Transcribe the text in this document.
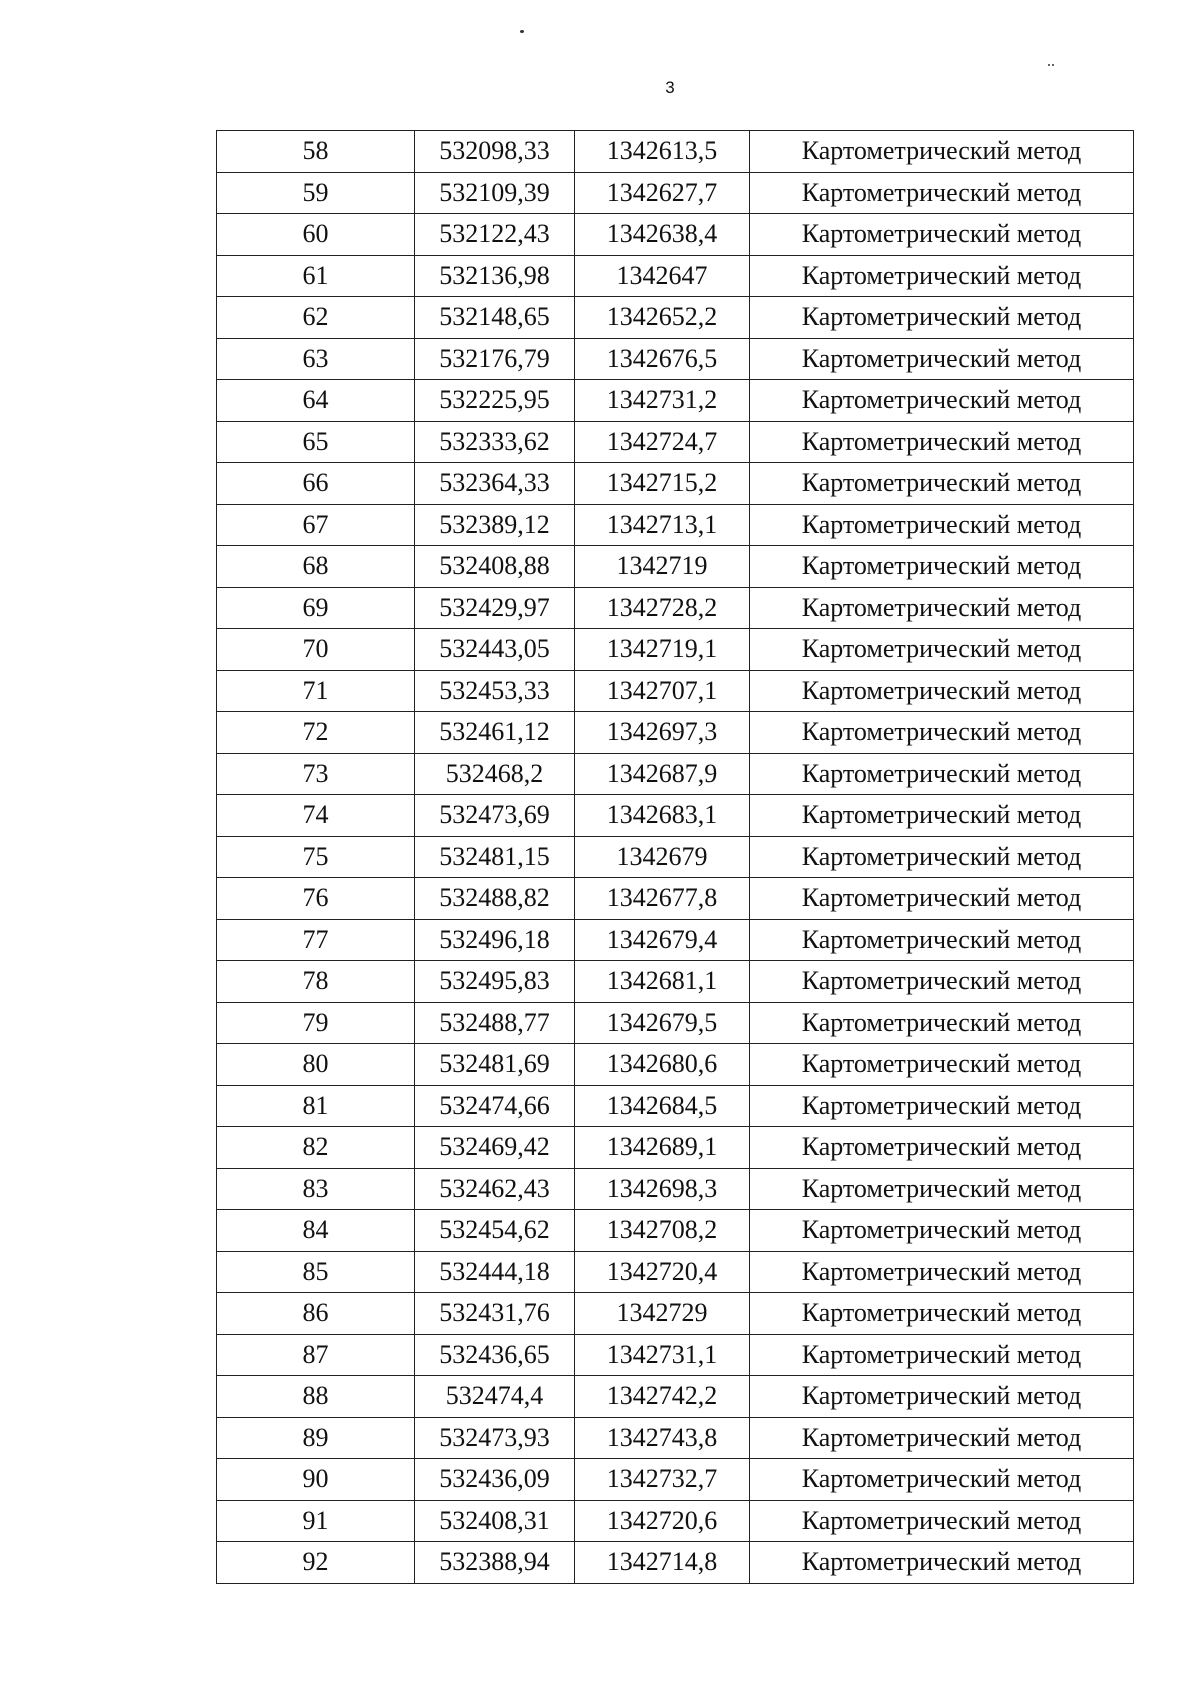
3
58	532098,33	1342613,5	Картометрический метод
59	532109,39	1342627,7	Картометрический метод
60	532122,43	1342638,4	Картометрический метод
61	532136,98	1342647	Картометрический метод
62	532148,65	1342652,2	Картометрический метод
63	532176,79	1342676,5	Картометрический метод
64	532225,95	1342731,2	Картометрический метод
65	532333,62	1342724,7	Картометрический метод
66	532364,33	1342715,2	Картометрический метод
67	532389,12	1342713,1	Картометрический метод
68	532408,88	1342719	Картометрический метод
69	532429,97	1342728,2	Картометрический метод
70	532443,05	1342719,1	Картометрический метод
71	532453,33	1342707,1	Картометрический метод
72	532461,12	1342697,3	Картометрический метод
73	532468,2	1342687,9	Картометрический метод
74	532473,69	1342683,1	Картометрический метод
75	532481,15	1342679	Картометрический метод
76	532488,82	1342677,8	Картометрический метод
77	532496,18	1342679,4	Картометрический метод
78	532495,83	1342681,1	Картометрический метод
79	532488,77	1342679,5	Картометрический метод
80	532481,69	1342680,6	Картометрический метод
81	532474,66	1342684,5	Картометрический метод
82	532469,42	1342689,1	Картометрический метод
83	532462,43	1342698,3	Картометрический метод
84	532454,62	1342708,2	Картометрический метод
85	532444,18	1342720,4	Картометрический метод
86	532431,76	1342729	Картометрический метод
87	532436,65	1342731,1	Картометрический метод
88	532474,4	1342742,2	Картометрический метод
89	532473,93	1342743,8	Картометрический метод
90	532436,09	1342732,7	Картометрический метод
91	532408,31	1342720,6	Картометрический метод
92	532388,94	1342714,8	Картометрический метод
